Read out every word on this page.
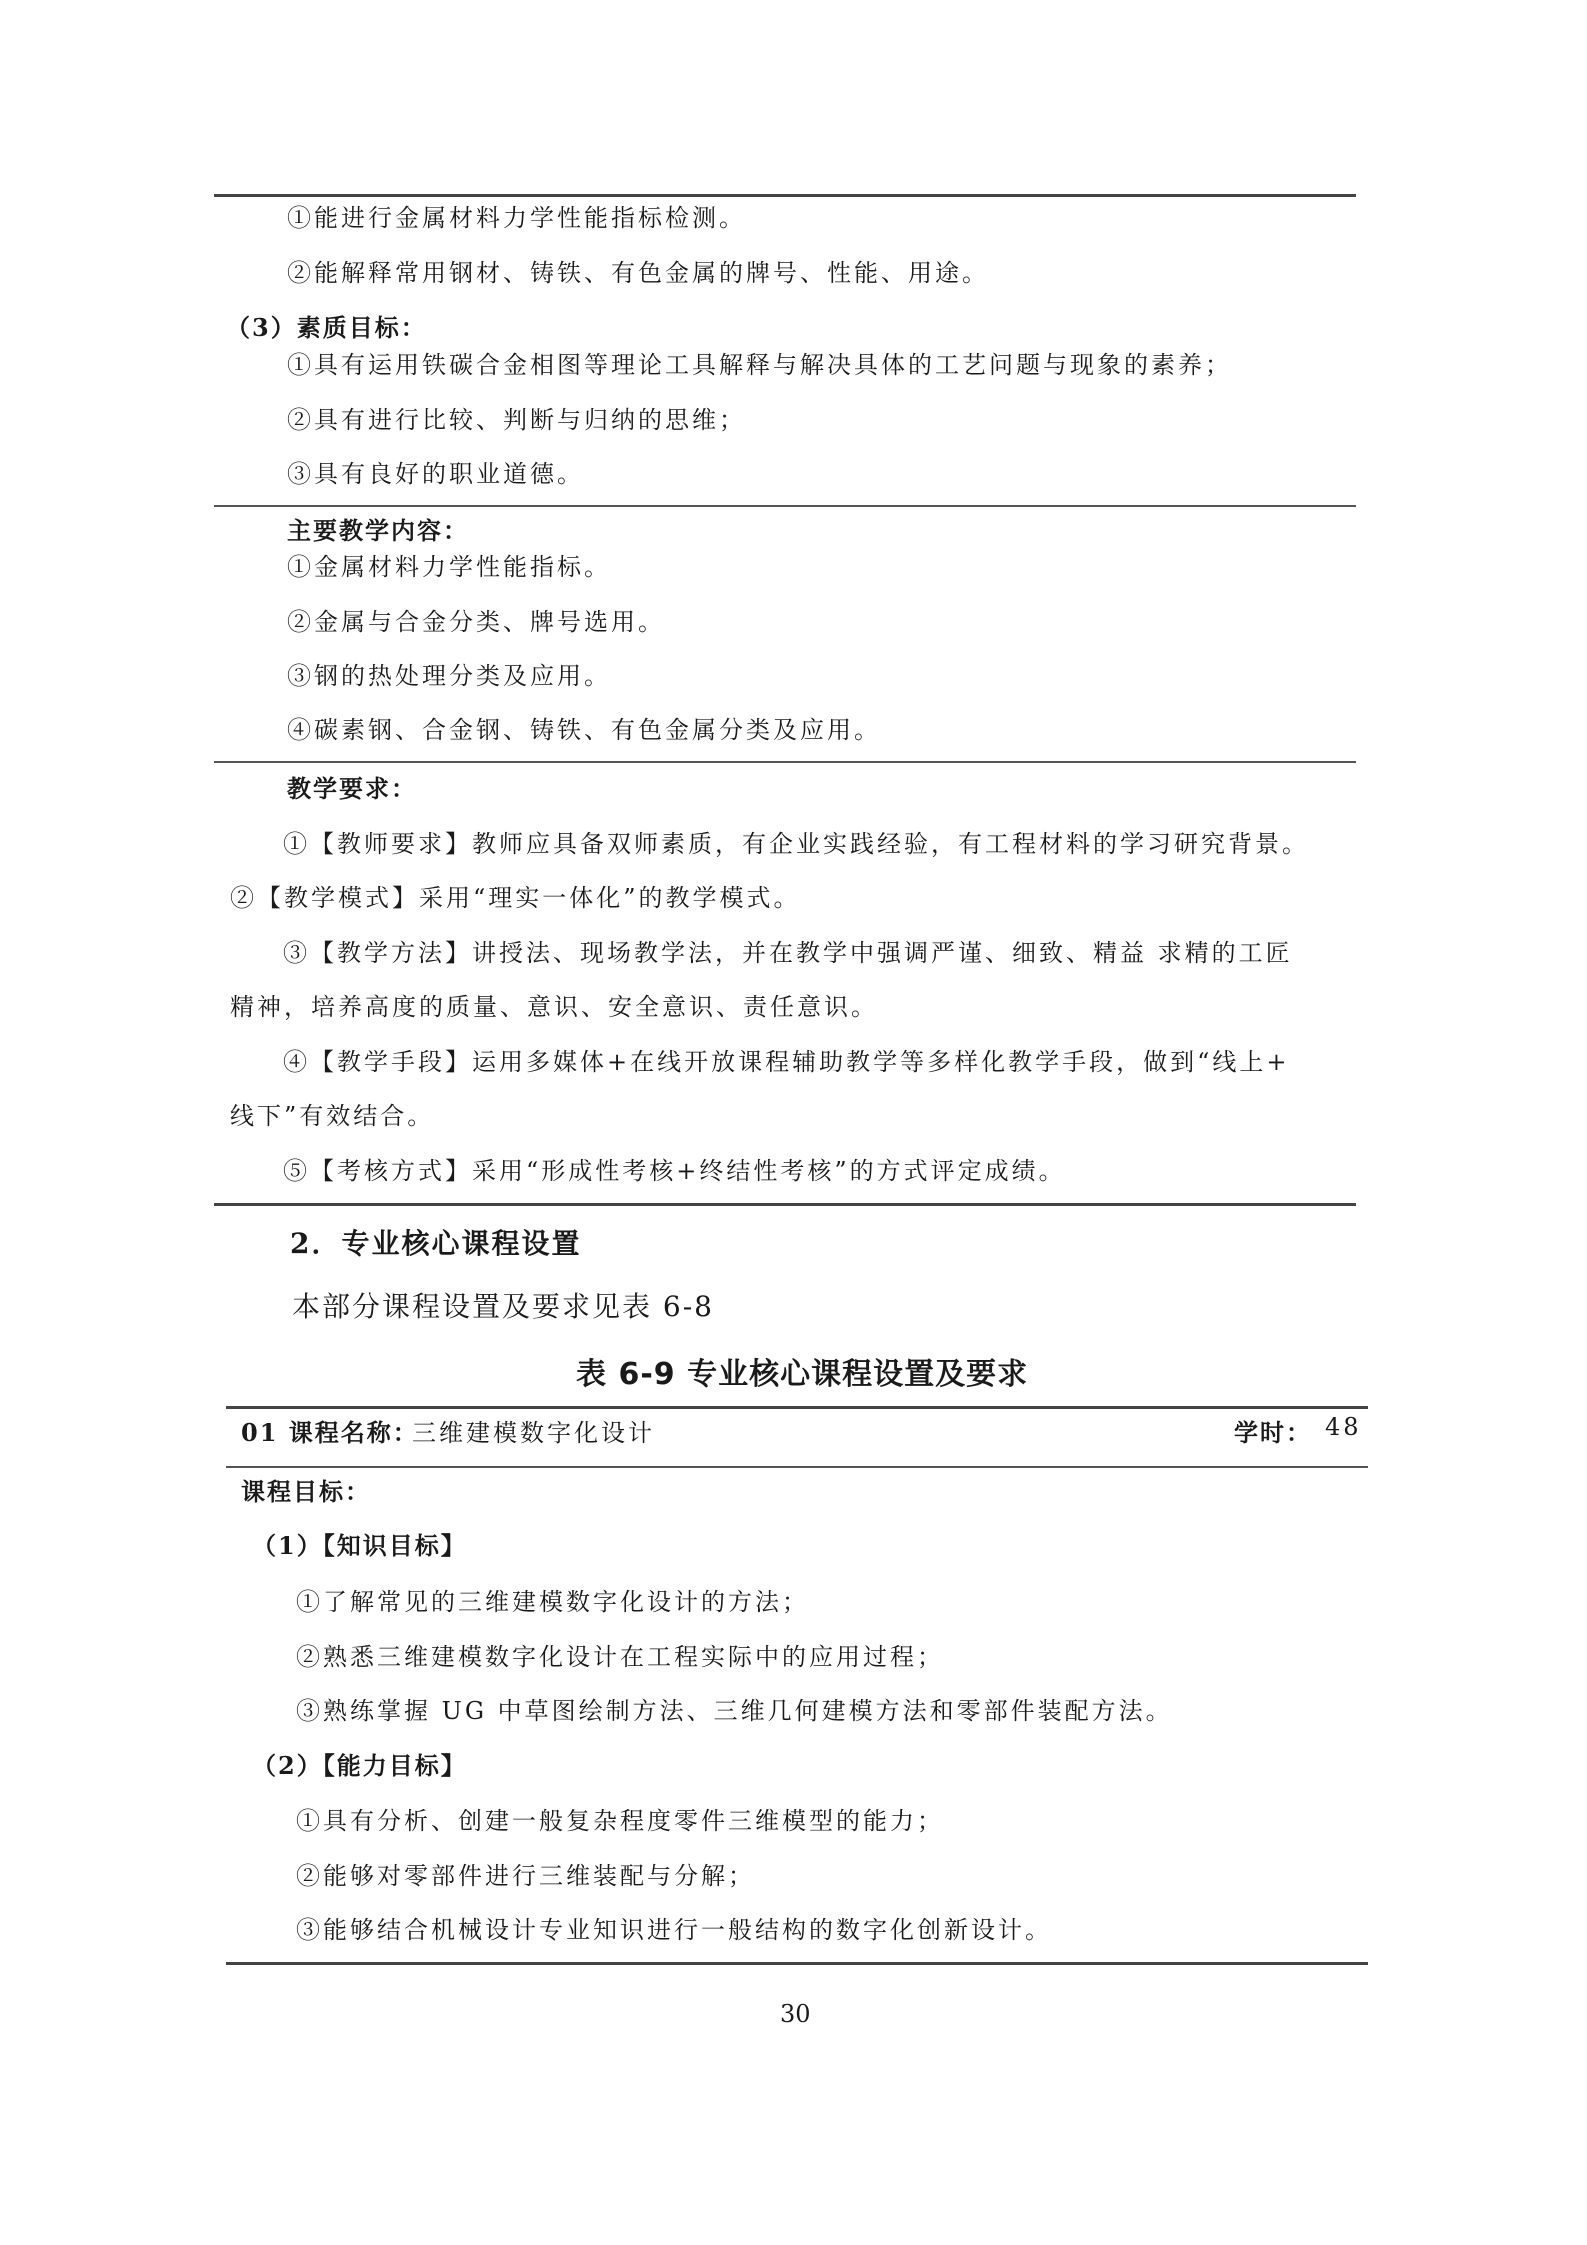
①能进行金属材料力学性能指标检测。
②能解释常用钢材、铸铁、有色金属的牌号、性能、用途。
（3）素质目标：
①具有运用铁碳合金相图等理论工具解释与解决具体的工艺问题与现象的素养；
②具有进行比较、判断与归纳的思维；
③具有良好的职业道德。
主要教学内容：
①金属材料力学性能指标。
②金属与合金分类、牌号选用。
③钢的热处理分类及应用。
④碳素钢、合金钢、铸铁、有色金属分类及应用。
教学要求：
①【教师要求】教师应具备双师素质，有企业实践经验，有工程材料的学习研究背景。
②【教学模式】采用“理实一体化”的教学模式。
③【教学方法】讲授法、现场教学法，并在教学中强调严谨、细致、精益 求精的工匠
精神，培养高度的质量、意识、安全意识、责任意识。
④【教学手段】运用多媒体+在线开放课程辅助教学等多样化教学手段，做到“线上+
线下”有效结合。
⑤【考核方式】采用“形成性考核+终结性考核”的方式评定成绩。
2．专业核心课程设置
本部分课程设置及要求见表 6-8
表 6-9 专业核心课程设置及要求
01 课程名称：
三维建模数字化设计	学时： 48
课程目标：
（1）【知识目标】
①了解常见的三维建模数字化设计的方法；
②熟悉三维建模数字化设计在工程实际中的应用过程；
③熟练掌握 UG 中草图绘制方法、三维几何建模方法和零部件装配方法。
（2）【能力目标】
①具有分析、创建一般复杂程度零件三维模型的能力；
②能够对零部件进行三维装配与分解；
③能够结合机械设计专业知识进行一般结构的数字化创新设计。
30
